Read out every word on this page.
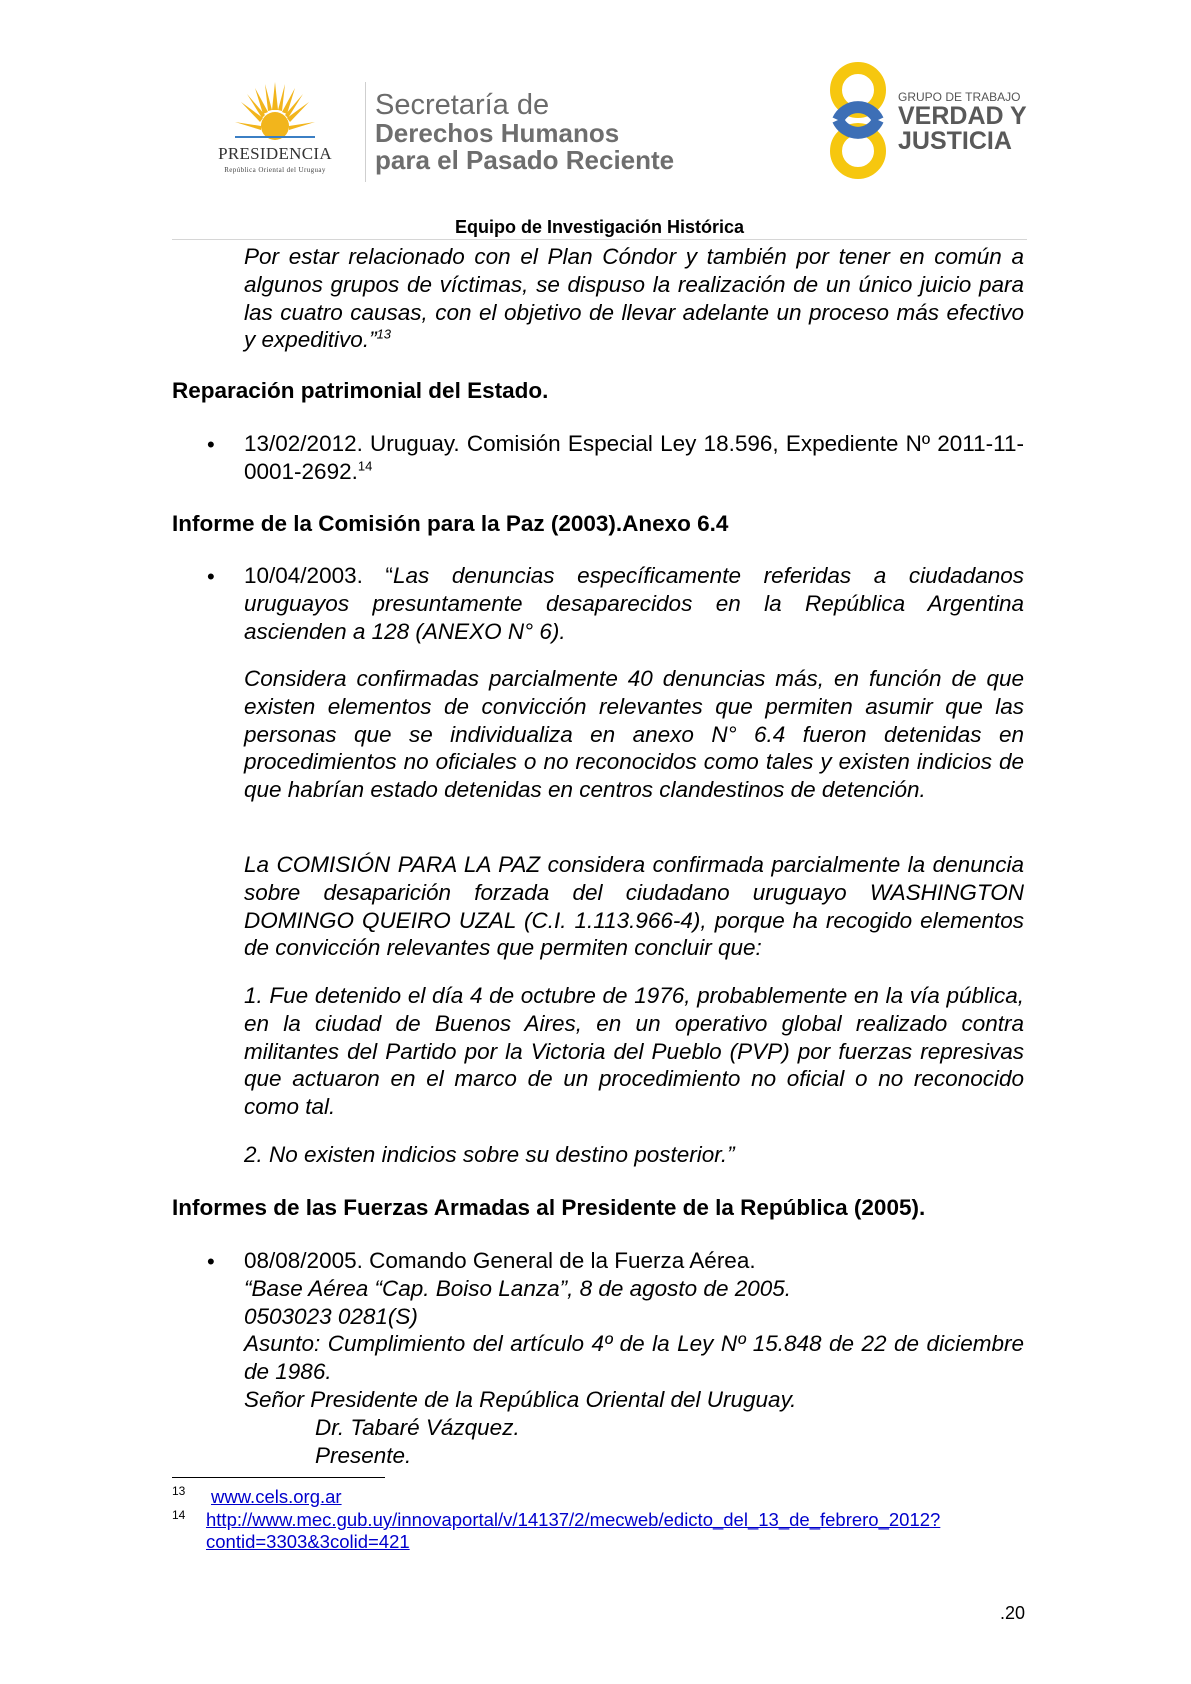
PRESIDENCIA
República Oriental del Uruguay
Secretaría de
Derechos Humanos
para el Pasado Reciente
GRUPO DE TRABAJO
VERDAD Y
JUSTICIA
Equipo de Investigación Histórica
Por estar relacionado con el Plan Cóndor y también por tener en común a algunos grupos de víctimas, se dispuso la realización de un único juicio para las cuatro causas, con el objetivo de llevar adelante un proceso más efectivo y expeditivo.”$^{13}$
Reparación patrimonial del Estado.
• 13/02/2012. Uruguay. Comisión Especial Ley 18.596, Expediente Nº 2011-11-0001-2692.14
Informe de la Comisión para la Paz (2003).Anexo 6.4
• 10/04/2003. “Las denuncias específicamente referidas a ciudadanos uruguayos presuntamente desaparecidos en la República Argentina ascienden a 128 (ANEXO N° 6).
Considera confirmadas parcialmente 40 denuncias más, en función de que existen elementos de convicción relevantes que permiten asumir que las personas que se individualiza en anexo N° 6.4 fueron detenidas en procedimientos no oficiales o no reconocidos como tales y existen indicios de que habrían estado detenidas en centros clandestinos de detención.
La COMISIÓN PARA LA PAZ considera confirmada parcialmente la denuncia sobre desaparición forzada del ciudadano uruguayo WASHINGTON DOMINGO QUEIRO UZAL (C.I. 1.113.966-4), porque ha recogido elementos de convicción relevantes que permiten concluir que:
1. Fue detenido el día 4 de octubre de 1976, probablemente en la vía pública, en la ciudad de Buenos Aires, en un operativo global realizado contra militantes del Partido por la Victoria del Pueblo (PVP) por fuerzas represivas que actuaron en el marco de un procedimiento no oficial o no reconocido como tal.
2. No existen indicios sobre su destino posterior.”
Informes de las Fuerzas Armadas al Presidente de la República (2005).
• 08/08/2005. Comando General de la Fuerza Aérea.
“Base Aérea “Cap. Boiso Lanza”, 8 de agosto de 2005.
0503023 0281(S)
Asunto: Cumplimiento del artículo 4º de la Ley Nº 15.848 de 22 de diciembre de 1986.
Señor Presidente de la República Oriental del Uruguay.
Dr. Tabaré Vázquez.
Presente.
13 www.cels.org.ar
14 http://www.mec.gub.uy/innovaportal/v/14137/2/mecweb/edicto_del_13_de_febrero_2012?
contid=3303&3colid=421
.20
